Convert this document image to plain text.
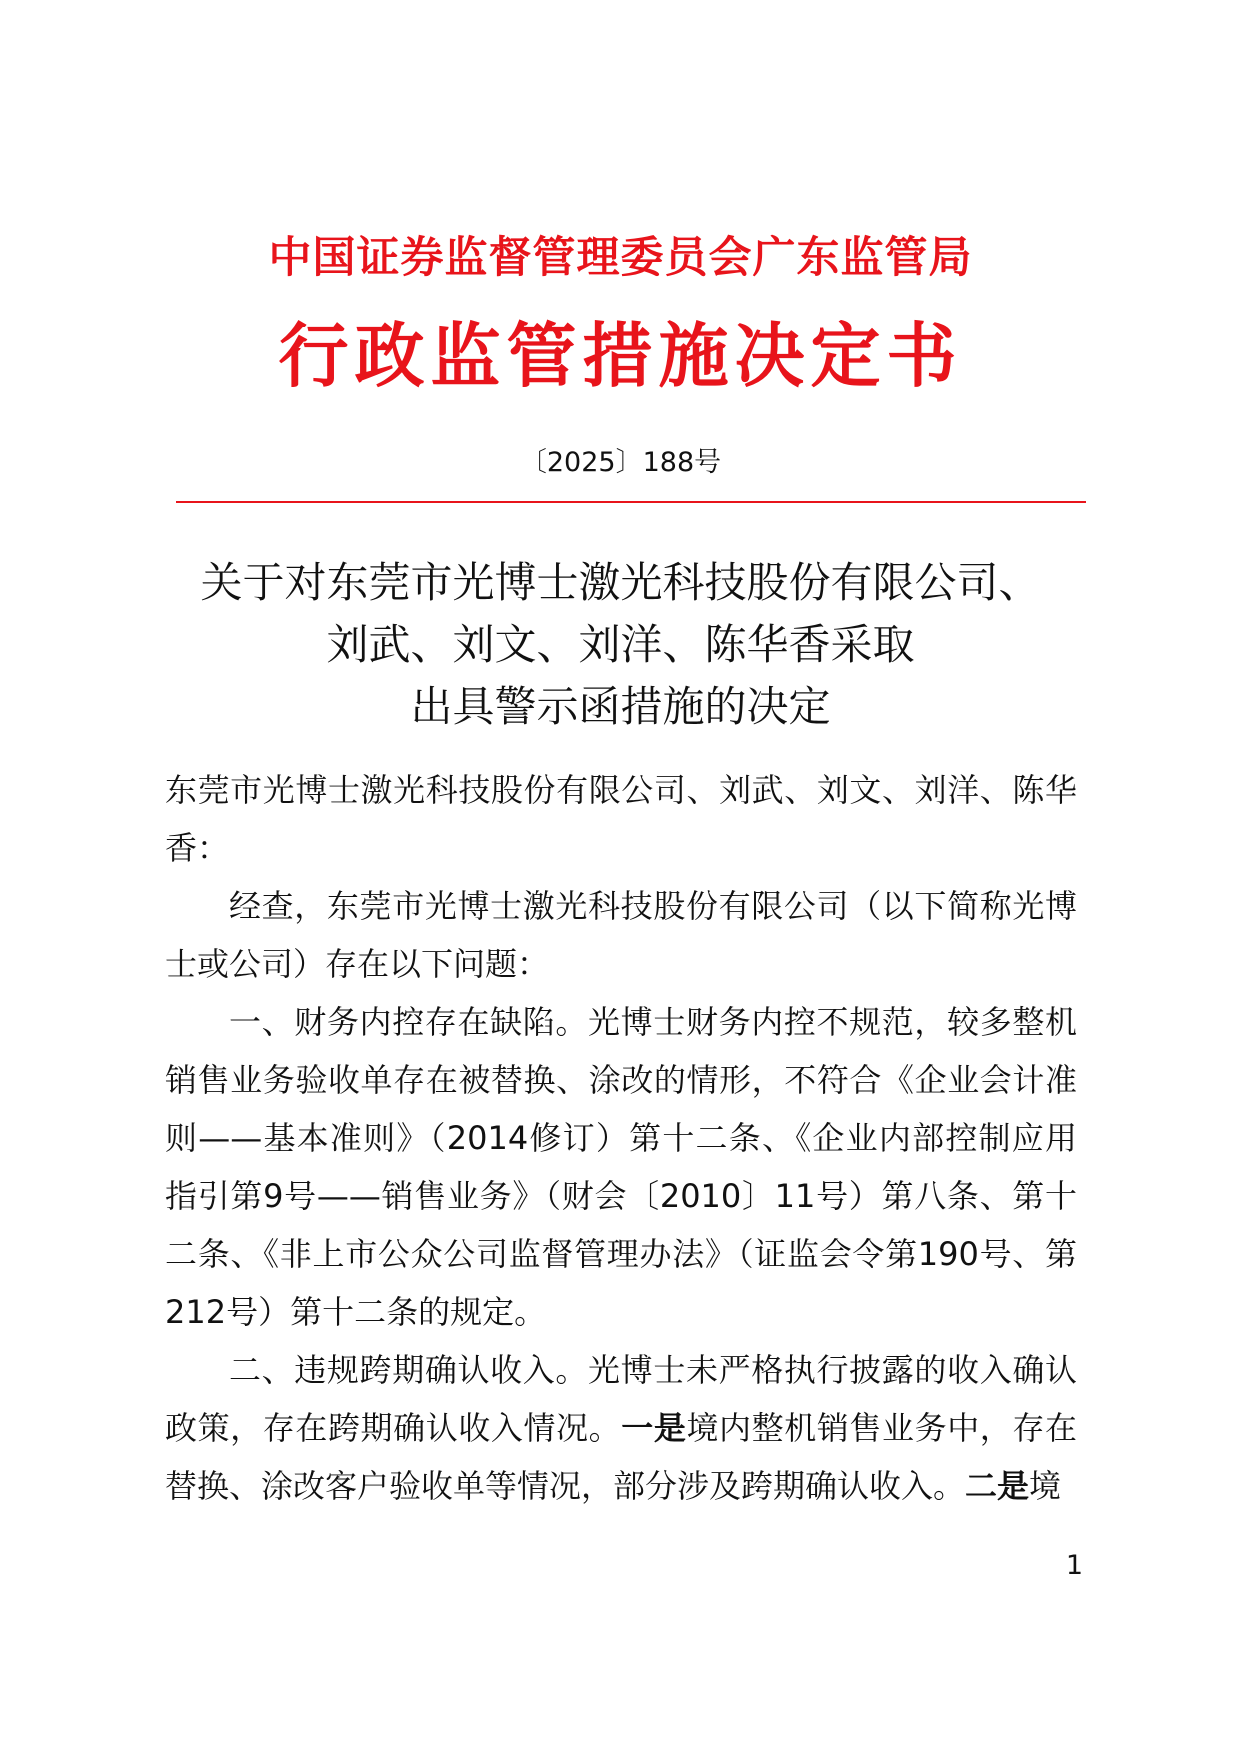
中国证券监督管理委员会广东监管局
行政监管措施决定书
〔2025〕188号
关于对东莞市光博士激光科技股份有限公司、
刘武、刘文、刘洋、陈华香采取
出具警示函措施的决定

东莞市光博士激光科技股份有限公司、刘武、刘文、刘洋、陈华香：

经查，东莞市光博士激光科技股份有限公司（以下简称光博士或公司）存在以下问题：

一、财务内控存在缺陷。光博士财务内控不规范，较多整机销售业务验收单存在被替换、涂改的情形，不符合《企业会计准则——基本准则》（2014修订）第十二条、《企业内部控制应用指引第9号——销售业务》（财会〔2010〕11号）第八条、第十二条、《非上市公众公司监督管理办法》（证监会令第190号、第212号）第十二条的规定。

二、违规跨期确认收入。光博士未严格执行披露的收入确认政策，存在跨期确认收入情况。一是境内整机销售业务中，存在替换、涂改客户验收单等情况，部分涉及跨期确认收入。二是境

1
